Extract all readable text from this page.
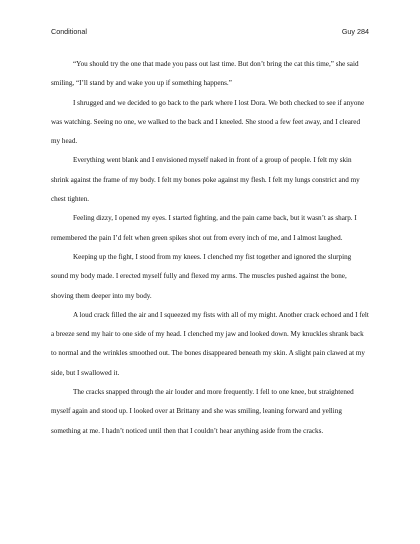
Conditional	Guy 284

“You should try the one that made you pass out last time. But don’t bring the cat this time,” she said smiling, “I’ll stand by and wake you up if something happens.”

I shrugged and we decided to go back to the park where I lost Dora. We both checked to see if anyone was watching. Seeing no one, we walked to the back and I kneeled. She stood a few feet away, and I cleared my head.

Everything went blank and I envisioned myself naked in front of a group of people. I felt my skin shrink against the frame of my body. I felt my bones poke against my flesh. I felt my lungs constrict and my chest tighten.

Feeling dizzy, I opened my eyes. I started fighting, and the pain came back, but it wasn’t as sharp. I remembered the pain I’d felt when green spikes shot out from every inch of me, and I almost laughed.

Keeping up the fight, I stood from my knees. I clenched my fist together and ignored the slurping sound my body made. I erected myself fully and flexed my arms. The muscles pushed against the bone, shoving them deeper into my body.

A loud crack filled the air and I squeezed my fists with all of my might. Another crack echoed and I felt a breeze send my hair to one side of my head. I clenched my jaw and looked down. My knuckles shrank back to normal and the wrinkles smoothed out. The bones disappeared beneath my skin. A slight pain clawed at my side, but I swallowed it.

The cracks snapped through the air louder and more frequently. I fell to one knee, but straightened myself again and stood up. I looked over at Brittany and she was smiling, leaning forward and yelling something at me. I hadn’t noticed until then that I couldn’t hear anything aside from the cracks.
